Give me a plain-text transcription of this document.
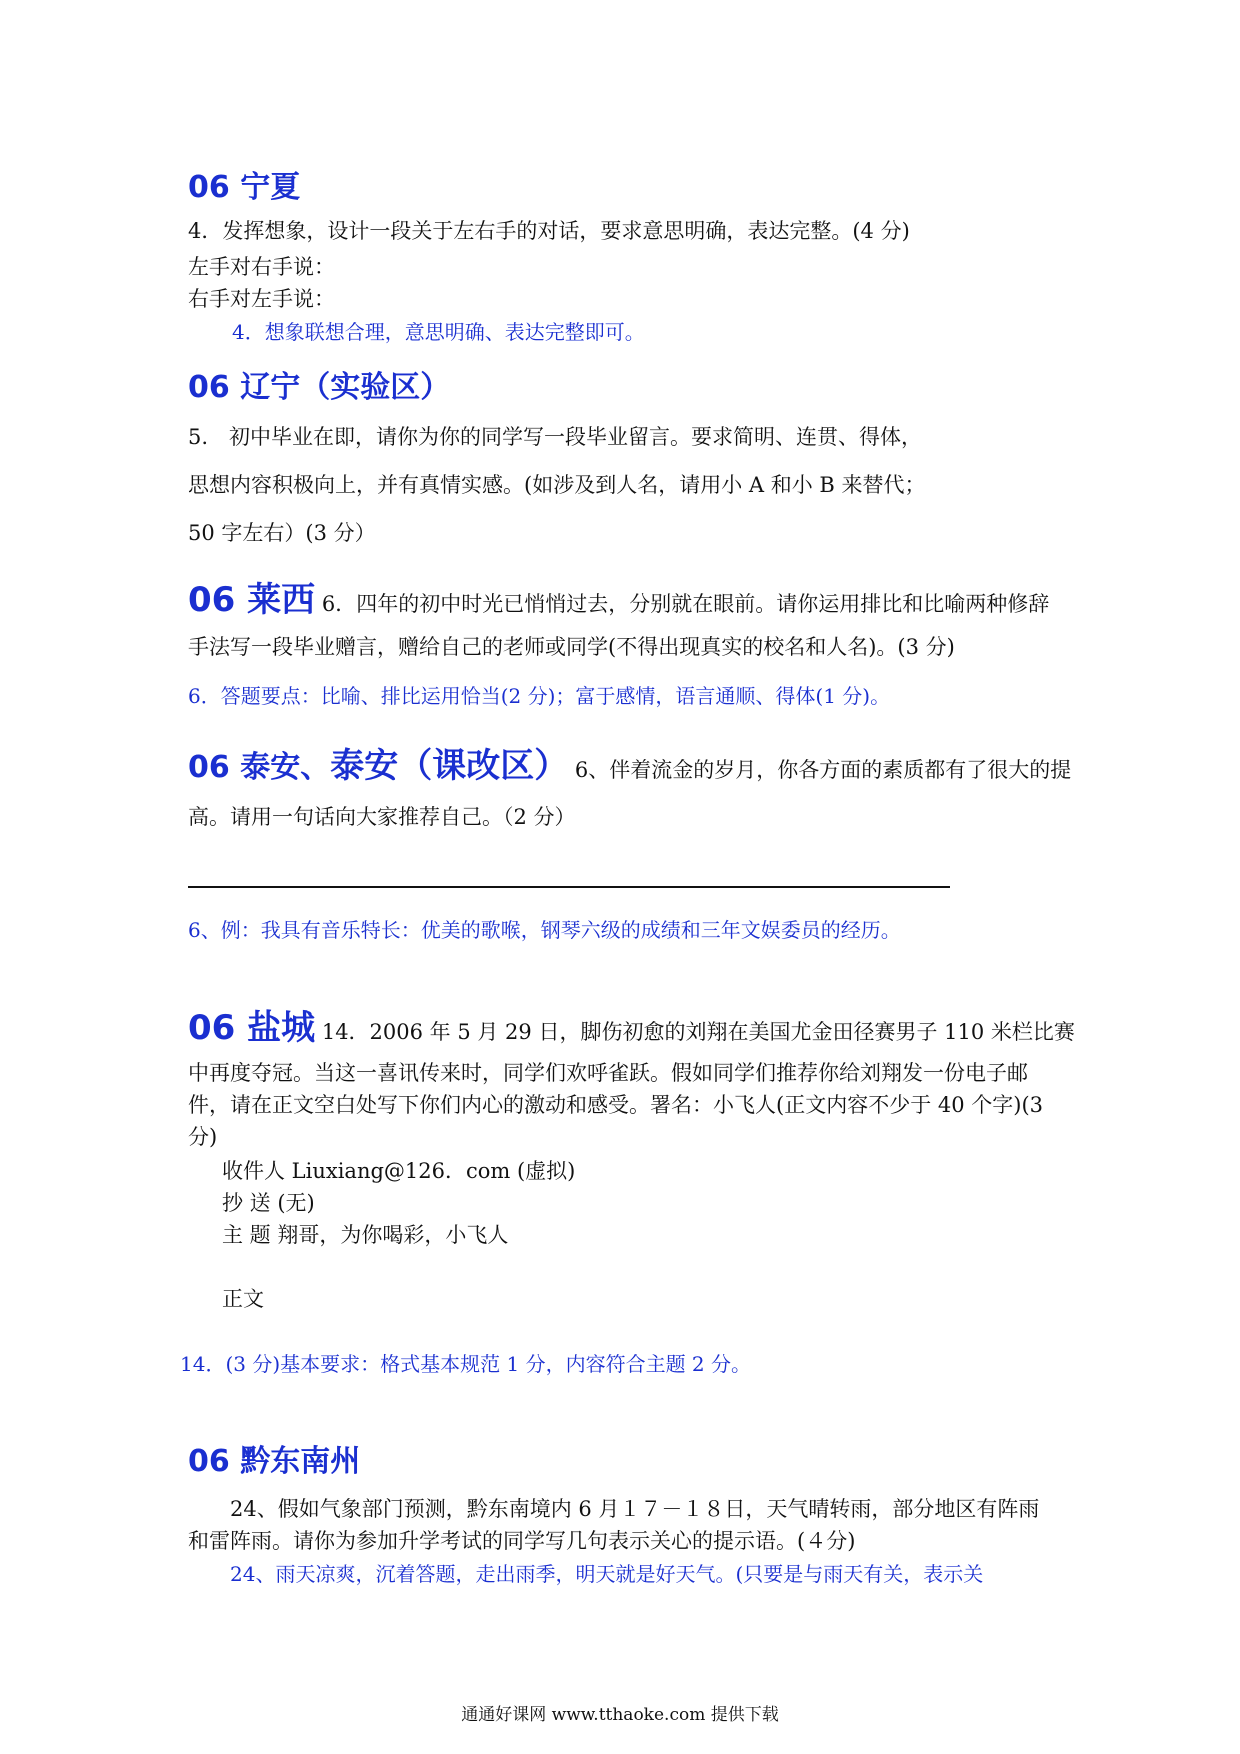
06 宁夏
4．发挥想象，设计一段关于左右手的对话，要求意思明确，表达完整。(4 分)
左手对右手说：
右手对左手说：
4．想象联想合理，意思明确、表达完整即可。
06 辽宁（实验区）
5.　初中毕业在即，请你为你的同学写一段毕业留言。要求简明、连贯、得体，
思想内容积极向上，并有真情实感。(如涉及到人名，请用小 A 和小 B 来替代；
50 字左右）(3 分）
06 莱西 6．四年的初中时光已悄悄过去，分别就在眼前。请你运用排比和比喻两种修辞
手法写一段毕业赠言，赠给自己的老师或同学(不得出现真实的校名和人名)。(3 分)
6．答题要点：比喻、排比运用恰当(2 分)；富于感情，语言通顺、得体(1 分)。
06 泰安、泰安（课改区） 6、伴着流金的岁月，你各方面的素质都有了很大的提
高。请用一句话向大家推荐自己。（2 分）
6、例：我具有音乐特长：优美的歌喉，钢琴六级的成绩和三年文娱委员的经历。
06 盐城 14．2006 年 5 月 29 日，脚伤初愈的刘翔在美国尤金田径赛男子 110 米栏比赛
中再度夺冠。当这一喜讯传来时，同学们欢呼雀跃。假如同学们推荐你给刘翔发一份电子邮
件，请在正文空白处写下你们内心的激动和感受。署名：小飞人(正文内容不少于 40 个字)(3
分)
收件人 Liuxiang@126．com (虚拟)
抄 送 (无)
主 题 翔哥，为你喝彩，小飞人
正文
14．(3 分)基本要求：格式基本规范 1 分，内容符合主题 2 分。
06 黔东南州
24、假如气象部门预测，黔东南境内 6 月１７－１８日，天气晴转雨，部分地区有阵雨
和雷阵雨。请你为参加升学考试的同学写几句表示关心的提示语。(４分)
24、雨天凉爽，沉着答题，走出雨季，明天就是好天气。(只要是与雨天有关，表示关
通通好课网 www.tthaoke.com 提供下载
